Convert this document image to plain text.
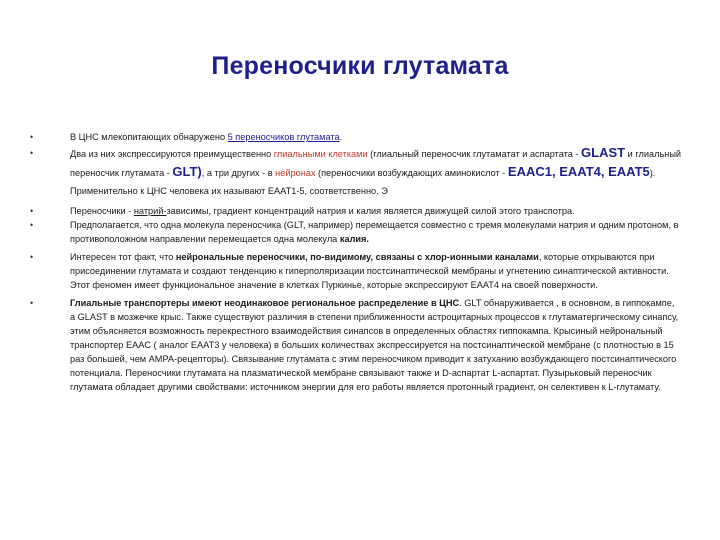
Переносчики глутамата
• В ЦНС млекопитающих обнаружено 5 переносчиков глутамата.
• Два из них экспрессируются преимущественно глиальными клетками (глиальный переносчик глутаматат и аспартата - GLAST и глиальный переносчик глутамата - GLT), а три других - в нейронах (переносчики возбуждающих аминокислот - EAAC1, EAAT4, EAAT5). Применительно к ЦНС человека их называют EAAT1-5, соответственно. Э
• Переносчики - натрий-зависимы, градиент концентраций натрия и калия является движущей силой этого транспотра.
• Предполагается, что одна молекула переносчика (GLT, например) перемещается совместно с тремя молекулами натрия и одним протоном, в противоположном направлении перемещается одна молекула калия.
• Интересен тот факт, что нейрональные переносчики, по-видимому, связаны с хлор-ионными каналами, которые открываются при присоединении глутамата и создают тенденцию к гиперполяризации постсинаптической мембраны и угнетению синаптической активности. Этот феномен имеет функциональное значение в клетках Пуркинье, которые экспрессируют EAAT4 на своей поверхности.
• Глиальные транспортеры имеют неодинаковое региональное распределение в ЦНС. GLT обнаруживается , в основном, в гиппокампе, а GLAST в мозжечке крыс. Также существуют различия в степени приближенности астроцитарных процессов к глутаматергическому синапсу, этим объясняется возможность перекрестного взаимодействия синапсов в определенных областях гиппокампа. Крысиный нейрональный транспортер EAAC ( аналог EAAT3 у человека) в больших количествах экспрессируется на постсинаптической мембране (с плотностью в 15 раз большей, чем AMPA-рецепторы). Связывание глутамата с этим переносчиком приводит к затуханию возбуждающего постсинаптического потенциала. Переносчики глутамата на плазматической мембране связывают также и D-аспартат L-аспартат. Пузырьковый переносчик глутамата обладает другими свойствами: источником энергии для его работы является протонный градиент, он селективен к L-глутамату.
